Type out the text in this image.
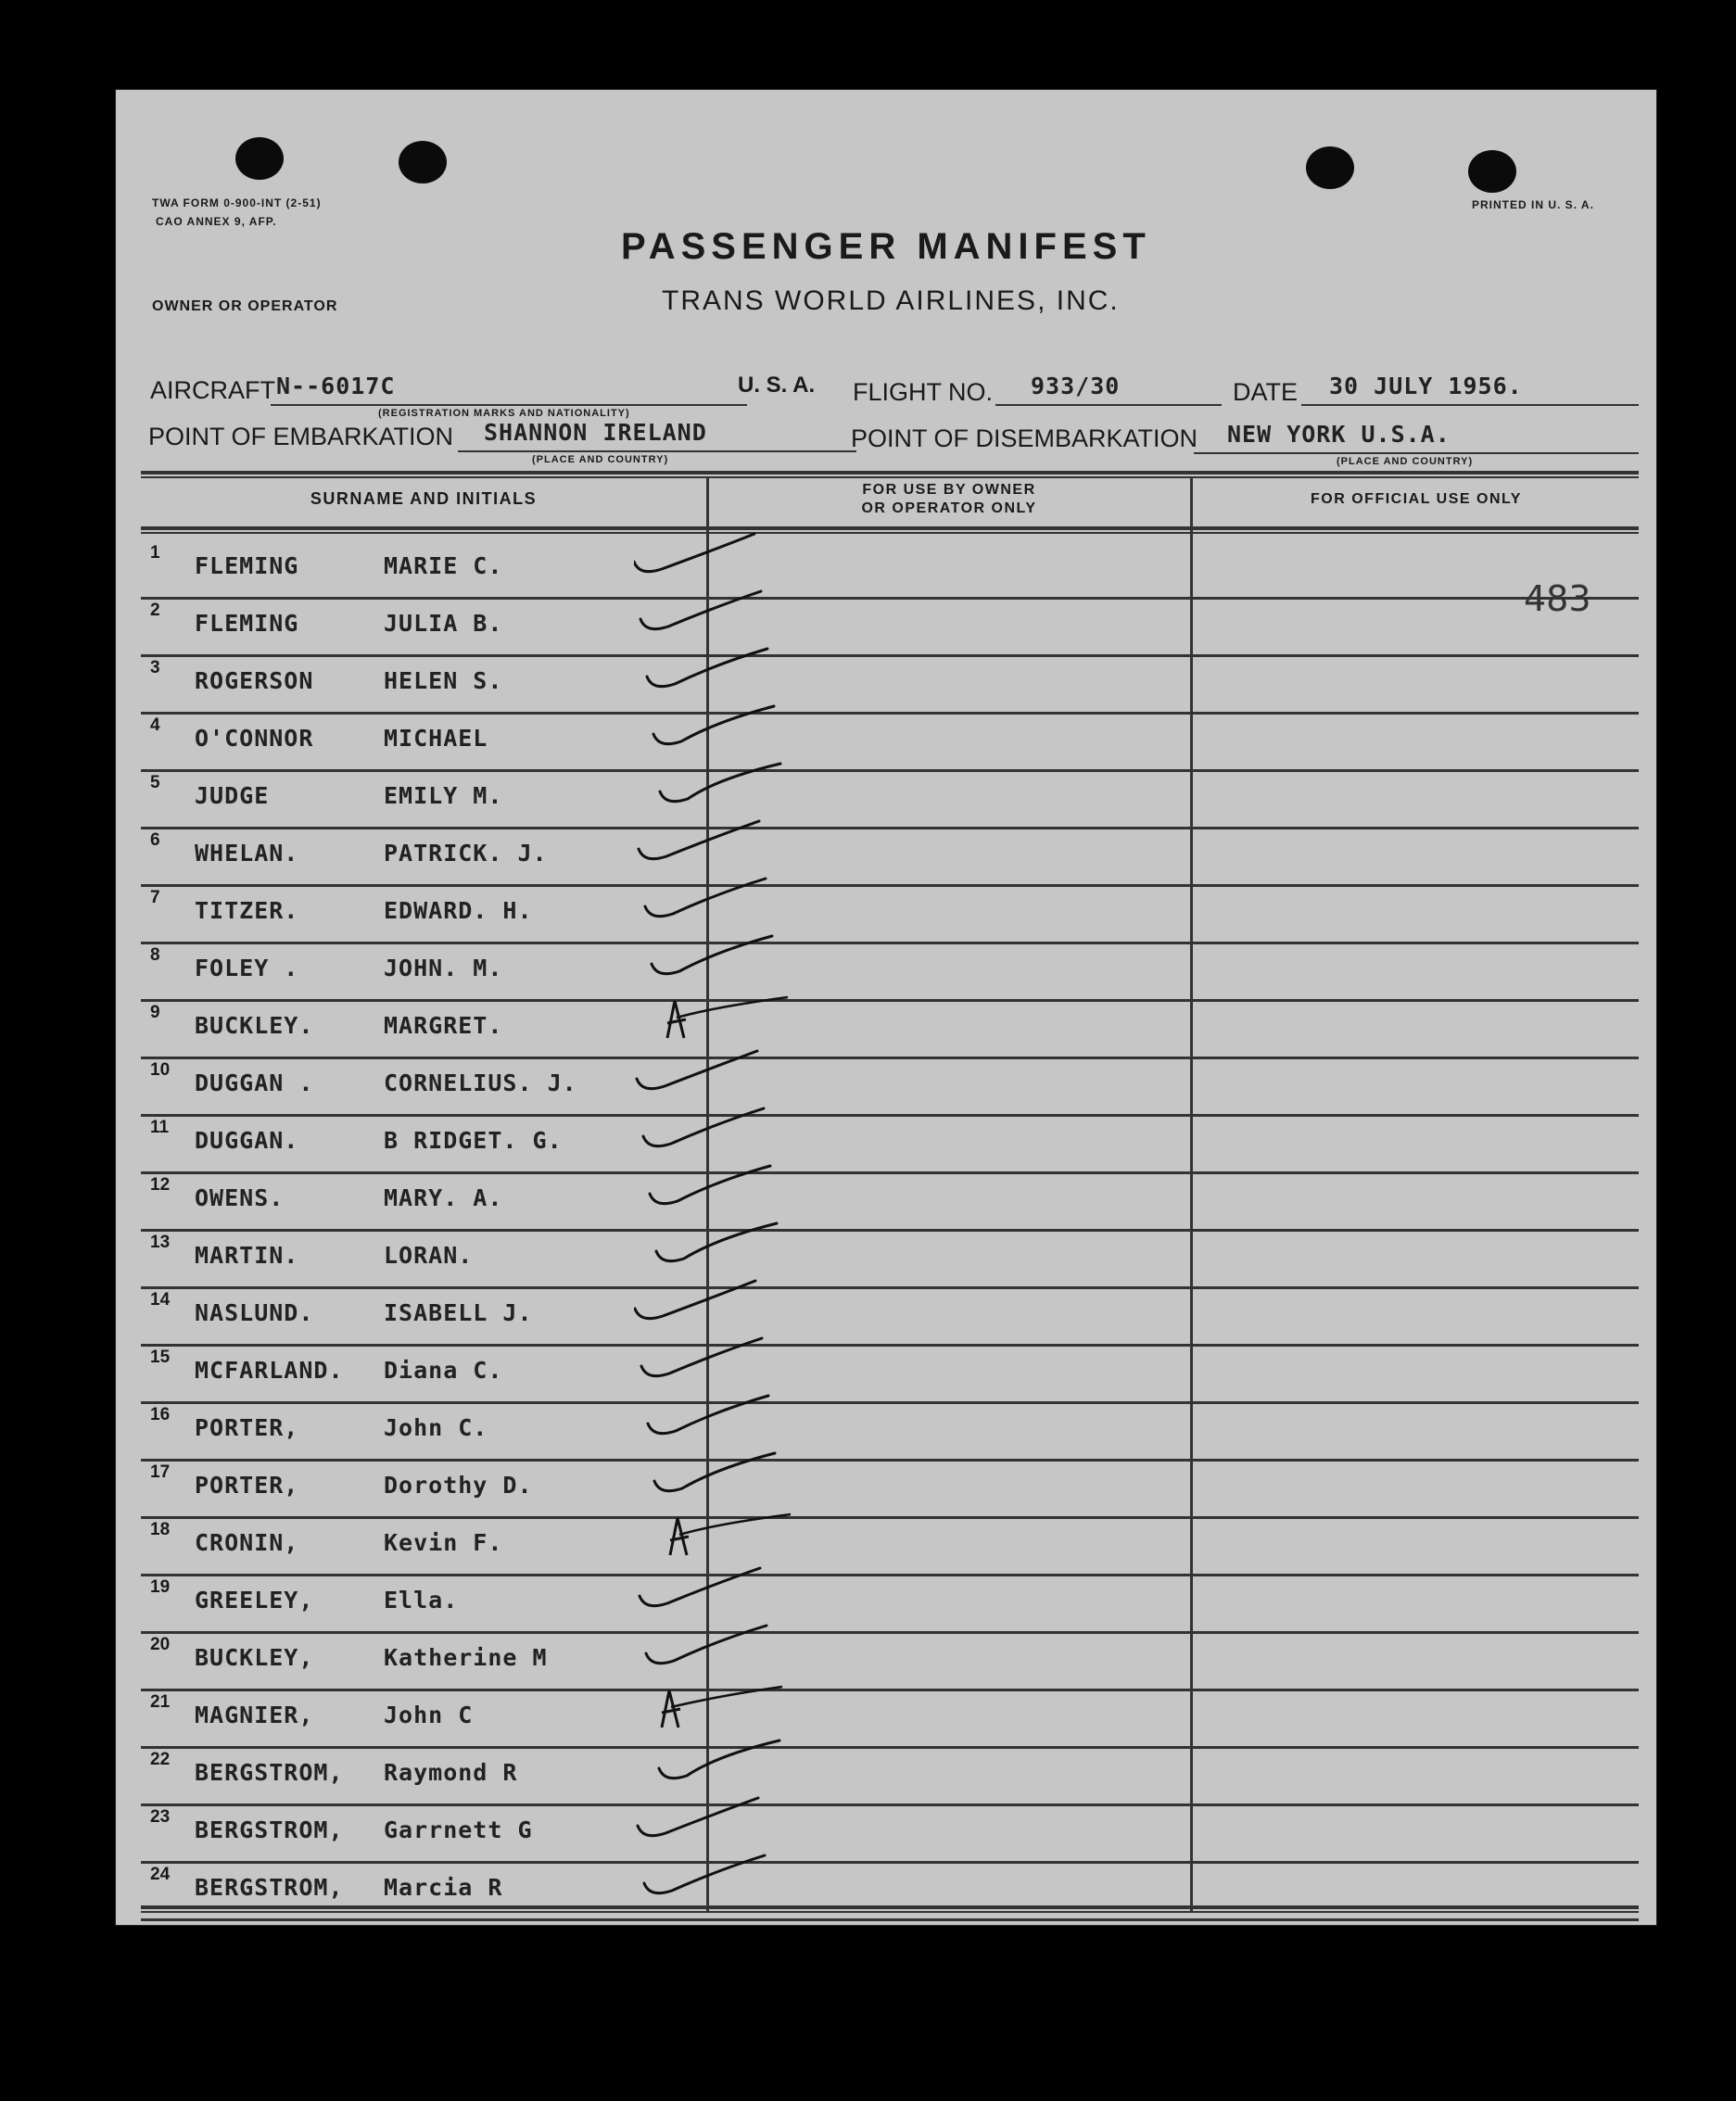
TWA FORM 0-900-INT (2-51)
CAO ANNEX 9, AFP.
PRINTED IN U. S. A.
OWNER OR OPERATOR
PASSENGER MANIFEST
TRANS WORLD AIRLINES, INC.
AIRCRAFT N--6017C
(REGISTRATION MARKS AND NATIONALITY)
U. S. A. FLIGHT NO. 933/30	DATE 30 JULY 1956.
POINT OF EMBARKATION SHANNON IRELAND
(PLACE AND COUNTRY)
POINT OF DISEMBARKATION NEW YORK U.S.A.
(PLACE AND COUNTRY)
SURNAME AND INITIALS	FOR USE BY OWNER
OR OPERATOR ONLY
FOR OFFICIAL USE ONLY
1 FLEMING	MARIE C.
2 FLEMING	JULIA B.
483
3 ROGERSON	HELEN S.
4 O'CONNOR	MICHAEL
5 JUDGE	EMILY M.
6 WHELAN.	PATRICK. J.
7 TITZER.	EDWARD. H.
8 FOLEY .	JOHN. M.
9 BUCKLEY.	MARGRET.
10 DUGGAN .	CORNELIUS. J.
11 DUGGAN.	B RIDGET. G.
12 OWENS.	MARY. A.
13 MARTIN.	LORAN.
14 NASLUND.	ISABELL J.
15 MCFARLAND. Diana C.
16 PORTER,	John C.
17 PORTER,	Dorothy D.
18 CRONIN,	Kevin F.
19 GREELEY,	Ella.
20 BUCKLEY,	Katherine M
21 MAGNIER,	John C
22 BERGSTROM, Raymond R
23 BERGSTROM, Garrnett G
24 BERGSTROM, Marcia R
